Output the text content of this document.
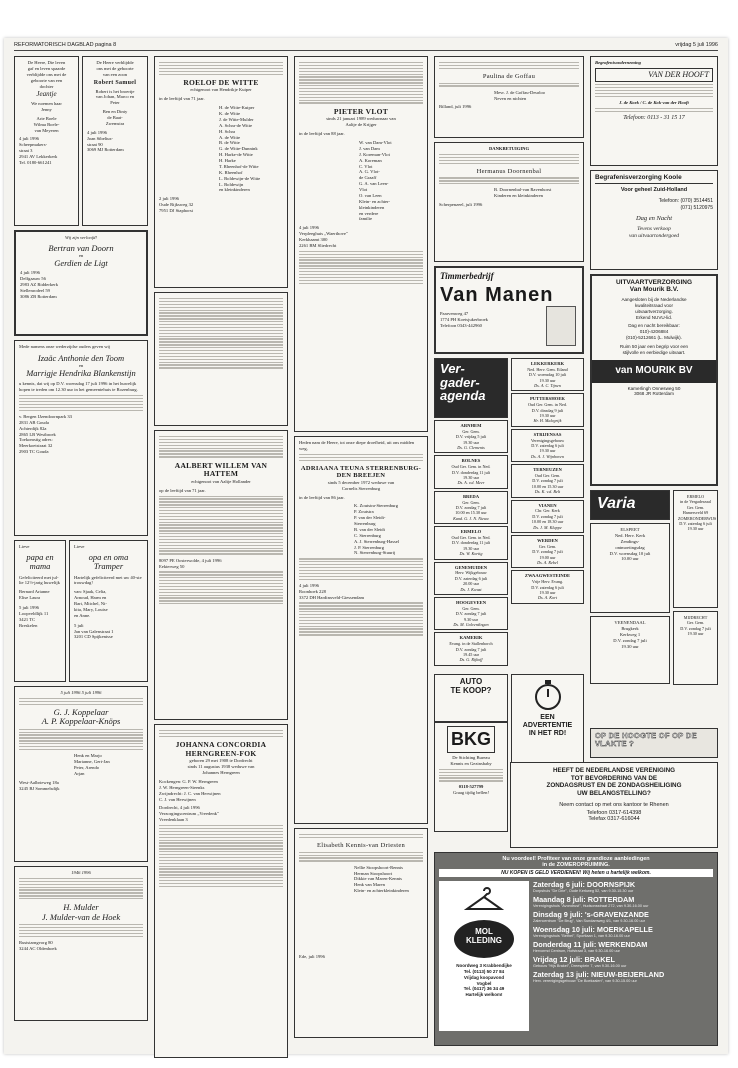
REFORMATORISCH DAGBLAD pagina 8	vrijdag 5 juli 1996
De Heere, Die leven
gaf en leven spaarde
verblijdde ons met de
geboorte van een
dochter
Jeantje
We noemen haar
Jenny
Arie Boele
Wilma Boele-
van Meyeren
4 juli 1996
Scheepmakers-
straat 3
2941 AV Lekkerkerk
Tel. 0180-661241
De Heere verblijdde
ons met de geboorte
van een zoon
Robert Samuel
Robert is het broertje
van Johan, Marco en
Peter
Ben en Dinty
de Baat-
Zwemstra
4 juli 1996
Joan Sibelius-
straat 90
3069 MJ Rotterdam
Wij zijn verloofd!
Bertran van Doorn
en
Gerdien de Ligt
4 juli 1996
Delfgaauw 56
2983 AZ Ridderkerk
Stellenrodeel 59
3086 ZB Rotterdam
Mede namens onze wederzijdse ouders geven wij
Izaäc Anthonie den Toom
en
Marrigje Hendrika Blankenstijn
u kennis, dat wij op D.V. woensdag 17 juli 1996 in het huwelijk hopen te treden om 12.30 uur in het gemeentehuis te Rozenburg.
v. Bergen IJzendoornpark 33
2831 AB Gouda
Achterdijk 82a
2865 LB Westbroek
Toekomstig adres:
Meerkoetstraat 32
2903 TC Gouda
Lieve
papa en mama
Gefeliciteerd met jul-
lie 12½-jarig huwelijk
Bernard Arianne
Elise Laura
5 juli 1996
Loopveldlijk 11
3421 TC
Breskelen
Lieve
opa en oma Tramper
Hartelijk gefeliciteerd met uw 40-ste trouwdag!
van: Sjaak, Celia,
Arnoud, Harm en
Bart, Mitchel, Ni-
kita, Mary, Louise
en Anne.
5 juli
Jan van Galenstraat 1
3201 CD Spijkenisse
5 juli 1996 5 juli 1996
G. J. Koppelaar
A. P. Koppelaar-Knöps
Henk en Marjo
Marianne, Gert-Jan
Peter, Arendo
Arjan
West-Aalbrieweg 18a
3245 BJ Sommelsdijk
1946 1996
H. Mulder
J. Mulder-van de Hoek
Ruststarngvorg 80
3244 AC Oldenhoek
ROELOF DE WITTE
echtgenoot van Hendrikje Kuiper
in de leeftijd van 71 jaar.
H. de Witte-Kuiper
K. de Witte
J. de Witte-Mulder
A. Schra-de Witte
H. Schra
A. de Witte
B. de Witte
G. de Witte-Dunnink
H. Harke-de Witte
H. Harke
T. Rheenhof-de Witte
K. Rheenhof
L. Boldewijn-de Witte
L. Boldewijn
en kleinkinderen
2 juli 1996
Oude Rijksweg 32
7951 DJ Staphorst
AALBERT WILLEM VAN HATTEM
echtgenoot van Aaltje Hollander
op de leeftijd van 71 jaar.
8097 PE Oosterwolde, 4 juli 1996
Eekterweg 50
JOHANNA CONCORDIA HERNGREEN-FOK
geboren 29 mei 1908 te Dordrecht
sinds 11 augustus 1938 weduwe van
Johannes Herngreen
Kockengen: G. P. W. Herngreen
J. W. Herngreen-Steenks
Zwijndrecht: J. C. van Herwijnen
C. J. van Herwijnen
Dordrecht, 4 juli 1996
Verzorgingscentrum „Vreedenk"
Vreedenklaan 3
PIETER VLOT
sinds 21 januari 1989 weduwnaar van
Aaltje de Krijger
in de leeftijd van 88 jaar.
W. van Dam-Vlot
J. van Dam
J. Koreman-Vlot
A. Koreman
C. Vlot
A. G. Vlot-
de Graaff
G. A. van Leen-
Vlot
O. van Leen
Klein- en achter-
kleinkinderen
en verdere
familie
4 juli 1996
Verpleeghuis „Waerthove"
Kerkhaamt 300
2261 BM Sliedrecht
Heden nam de Heere, tot onze diepe droefheid, uit ons midden weg,
ADRIAANA TEUNA STERRENBURG-DEN BREEJEN
sinds 5 december 1972 weduwe van
Cornelis Sterrenburg
in de leeftijd van 86 jaar.
K. Zoutstra-Sterrenburg
P. Zoutstra
P. van der Sleidt-
Sterrenburg
B. van der Sleidt
C. Sterrenburg
A. J. Sterrenburg-Hassel
J. P. Sterrenburg
N. Sterrenburg-Stuurij
4 juli 1996
Roonhoek 228
3372 DH Hardinxveld-Giessendam
Elisabeth Kennis-van Driesten
Nellie Stoopshoort-Rennis
Herman Stoopshoort
Dikkie van Maren-Kennis
Henk van Maren
Klein- en achterkleinkinderen
Ede, juli 1996
Paulina de Goffau
Mevr. J. de Goffau-Deurloo
Neven en nichten
Billand, juli 1996
DANKBETUIGING
Hermanus Doornenbal
B. Doornenbal-van Ravenhorst
Kinderen en kleinkinderen
Scherpenzeel, juli 1996
Timmerbedrijf
Van Manen
Paarvenweg 47
1774 PH Koetsjukerbroek
Telefoon 0343-442960
Ver-
gader-
agenda
ARNHEM
Ger. Gem.
D.V. vrijdag 5 juli
19.30 uur
Ds. G. Clements
BOLNES
Oud Ger. Gem. in Ned.
D.V. donderdag 11 juli
19.30 uur
Ds. A. v.d. Meer
BREDA
Ger. Gem.
D.V. zondag 7 juli
10.00 en 15.30 uur
Kand. G. J. N. Nieuw
ERMELO
Oud Ger. Gem. in Ned.
D.V. donderdag 11 juli
19.30 uur
Ds. W. Kortig
GENEMUIDEN
Herv. Wijkgebouw
D.V. zaterdag 6 juli
20.00 uur
Ds. J. Kwast
HOOGEVEEN
Ger. Gem.
D.V. zondag 7 juli
9.30 uur
Ds. M. Golverdingen
KAMERIK
Evang. in de Stallenborch
D.V. zondag 7 juli
19.45 uur
Ds. G. Rijkoff
LEKKERKERK
Ned. Herv. Gem. Eiland
D.V. woensdag 10 juli
19.30 uur
Ds. A. C. Tijnen
PUTTERSHOEK
Oud Ger. Gem. in Ned.
D.V. dinsdag 9 juli
19.30 uur
Hr. H. Malegrijk
STRIJENSAS
Verenigingsgebouw
D.V. zaterdag 6 juli
19.30 uur
Ds. A. J. Wijnhoven
TERNEUZEN
Oud Ger. Gem.
D.V. zondag 7 juli
10.00 en 15.30 uur
Ds. K. v.d. Belt
VIANEN
Chr. Ger. Kerk
D.V. zondag 7 juli
10.00 en 18.30 uur
Ds. J. M. Kluppe
WERDEN
Ger. Gem.
D.V. zondag 7 juli
19.00 uur
Ds. A. Rebel
ZWAAGWESTEINDE
Vrije Herv. Evang.
D.V. zaterdag 6 juli
19.30 uur
Ds. A. Kort
AUTO
TE KOOP?
EEN
ADVERTENTIE
IN HET RD!
BKG
De Stichting Bureau
Kennis en Gezinsbaby
0318-527799
Graag tijdig bellen!
Begrafenisonderneming
VAN DER HOOFT
J. de Koek / C. de Kok-van der Hooft
Telefoon: 0113 - 31 15 17
Begrafenisverzorging Koole
Voor geheel Zuid-Holland
Telefoon: (070) 3514451
(071) 5120975
Dag en Nacht
Tevens verkoop
van uitvaartondergoed
UITVAARTVERZORGING
Van Mourik B.V.
Aangesloten bij de Nederlandse
kwaliteitsraad voor
uitvaartverzorging.
Erkend NUVU-lid.
Dag en nacht bereikbaar:
010)-4206884
(010)-5212661 (L. Mulwijk).
Ruim 50 jaar een begrip voor een
stijlvolle en eerbiedige uitvaart.
van MOURIK BV
Kamerlingh Onnesweg 50
3068 JR Rotterdam
Varia
ELSPEET
Ned. Herv. Kerk
Zendings-
ontmoetingsdag
D.V. woensdag 10 juli
10.00 uur
VEENENDAAL
Brugkerk
Kerkweg 1
D.V. zondag 7 juli
19.30 uur
ERMELO
in de Vergaderzaal
Ger. Gem.
Hamersveld 69
ZOMERONDERWIJS
D.V. zaterdag 6 juli
19.30 uur
MIJDRECHT
Ger. Gem.
D.V. zondag 7 juli
19.30 uur
OP DE HOOGTE OF OP DE VLAKTE ?
HEEFT DE NEDERLANDSE VERENIGING
TOT BEVORDERING VAN DE
ZONDAGSRUST EN DE ZONDAGSHEILIGING
UW BELANGSTELLING?
Neem contact op met ons kantoor te Rhenen
Telefoon 0317-614398
Telefax 0317-616044
Nu voordeel! Profiteer van onze grandioze aanbiedingen
in de ZOMEROPRUIMING.
NU KOPEN IS GELD VERDIENEN! Wij heten u hartelijk welkom.
MOL
KLEDING
Noordweg 3 Krabbendijke
Tel. (0113) 50 27 84
Vrijdag koopavond
Vogbel
Tel. (0417) 36 34 49
Hartelijk welkom!
Zaterdag 6 juli: DOORNSPIJK
Dorpshuis "De Drie", Oude Kerkweg 52, van 9.30-15.30 uur
Maandag 8 juli: ROTTERDAM
Verenigingshuis "Avondrust", Hudsonsstraat 272, van 9.30-16.00 uur
Dinsdag 9 juli: 's-GRAVENZANDE
Zalencentrum "De Brug", Van Sundamweg 4/1, van 9.30-16.00 uur
Woensdag 10 juli: MOERKAPELLE
Verenigingshuis "Bethel", Sportlaan 1, van 9.30-16.00 uur
Donderdag 11 juli: WERKENDAM
Hervormd Centrum, Hofstraat 3, van 9.30-16.00 uur
Vrijdag 12 juli: BRAKEL
Gebouw "Hijs Brakel", Dreesplein 7, van 9.30-16.00 uur
Zaterdag 13 juli: NIEUW-BEIJERLAND
Herv. verenigingsgebouw "De Boekzalen", van 9.30-15.00 uur
